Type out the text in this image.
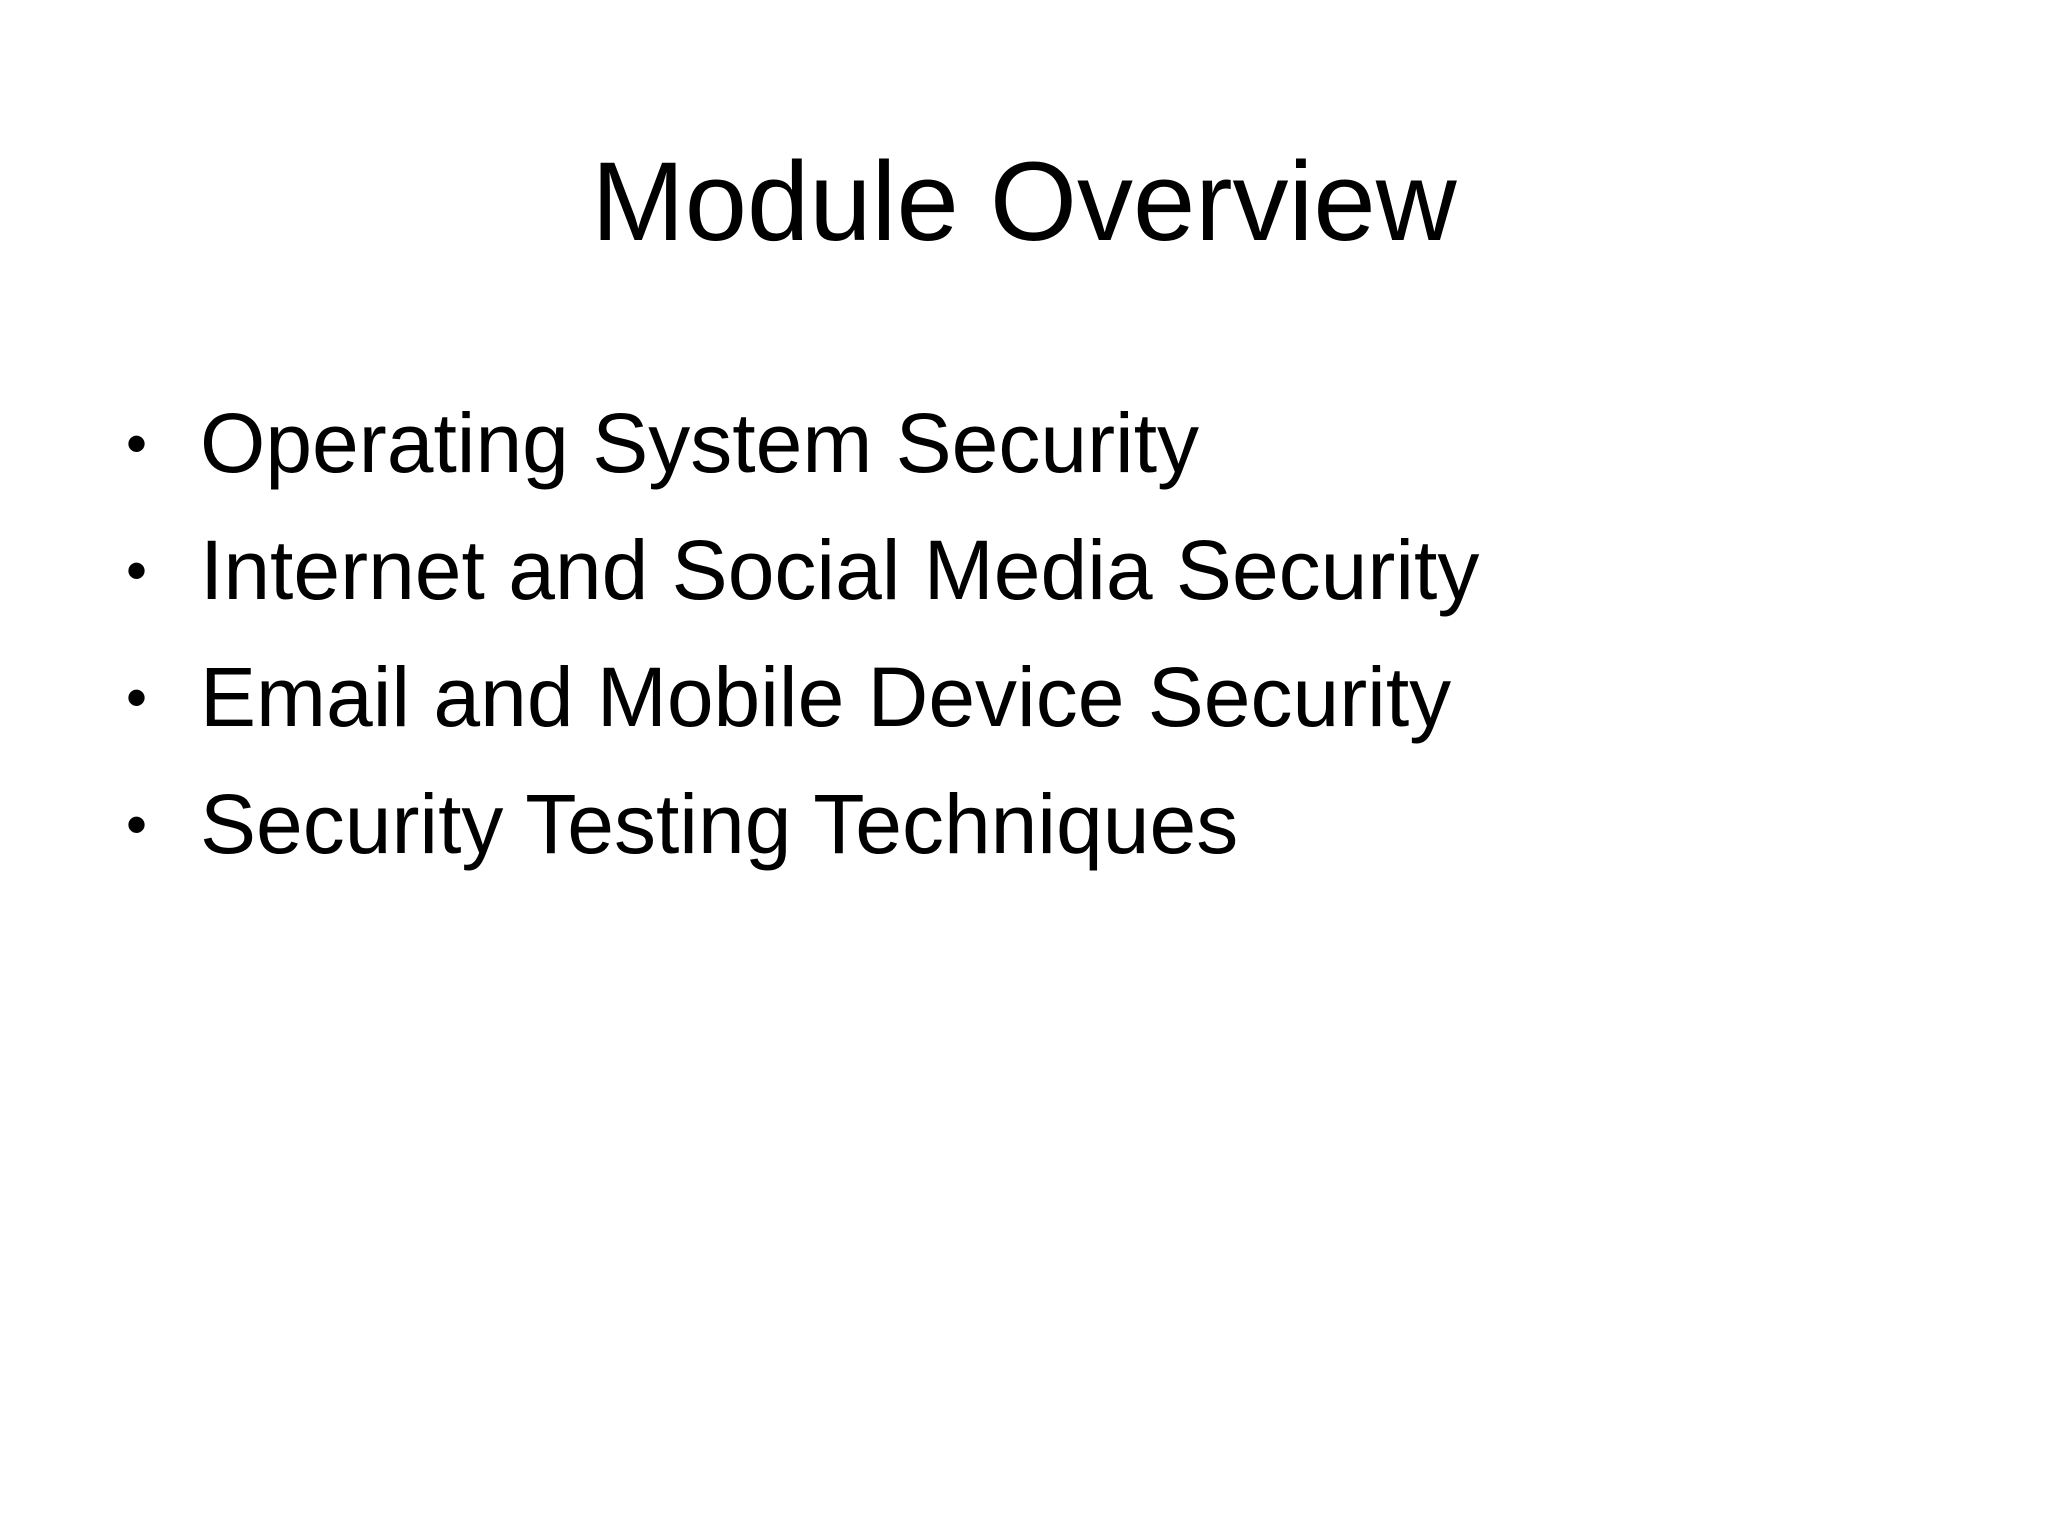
Module Overview
• Operating System Security
• Internet and Social Media Security
• Email and Mobile Device Security
• Security Testing Techniques
